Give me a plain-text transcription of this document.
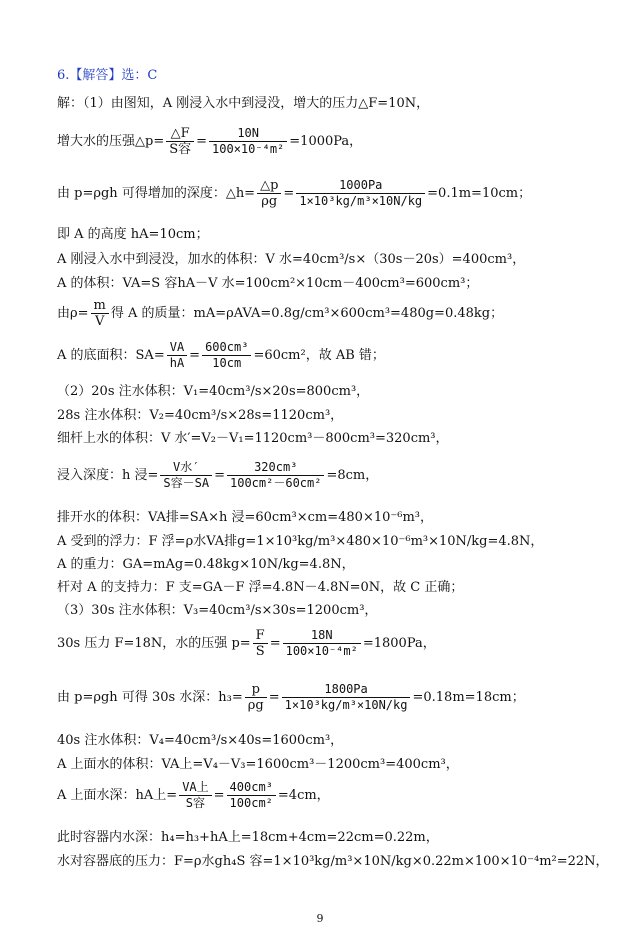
6.【解答】选：C
解：（1）由图知，A 刚浸入水中到浸没，增大的压力△F=10N，
增大水的压强△p= $\frac{\triangle F}{\text{S容}} = \frac{10N}{\text{100×10⁻⁴m²}} =1000Pa$，
由 p=ρgh 可得增加的深度：△h= $\frac{\triangle p}{\rho g} = \frac{1000Pa}{\text{1×10³kg/m³×10N/kg}} =0.1m=10cm$；
即 A 的高度 hA=10cm；
A 刚浸入水中到浸没，加水的体积：V 水=40cm³/s×（30s－20s）=400cm³，
A 的体积：VA=S 容hA－V 水=100cm²×10cm－400cm³=600cm³；
由$\rho= \frac{m}{V}$ 得 A 的质量：mA=ρAVA=0.8g/cm³×600cm³=480g=0.48kg；
A 的底面积：$SA= \frac{VA}{hA} = \frac{\text{600cm³}}{10cm} =60cm^2$，故 AB 错；
（2）20s 注水体积：V₁=40cm³/s×20s=800cm³，
28s 注水体积：V₂=40cm³/s×28s=1120cm³，
细杆上水的体积：V 水′=V₂－V₁=1120cm³－800cm³=320cm³，
浸入深度：h 浸= $\frac{\text{V水′}}{\text{S容－SA}} = \frac{\text{320cm³}}{\text{100cm²－60cm²}} =8cm$，
排开水的体积：VA排=SA×h 浸=60cm³×cm=480×10⁻⁶m³，
A 受到的浮力：F 浮=ρ水VA排g=1×10³kg/m³×480×10⁻⁶m³×10N/kg=4.8N，
A 的重力：GA=mAg=0.48kg×10N/kg=4.8N，
杆对 A 的支持力：F 支=GA－F 浮=4.8N－4.8N=0N，故 C 正确；
（3）30s 注水体积：V₃=40cm³/s×30s=1200cm³，
30s 压力 F=18N，水的压强 $p= \frac{F}{S} = \frac{18N}{\text{100×10⁻⁴m²}} =1800Pa$，
由 p=ρgh 可得 30s 水深：$h_3= \frac{p}{\rho g} = \frac{1800Pa}{\text{1×10³kg/m³×10N/kg}} =0.18m=18cm$；
40s 注水体积：V₄=40cm³/s×40s=1600cm³，
A 上面水的体积：VA上=V₄－V₃=1600cm³－1200cm³=400cm³，
A 上面水深：hA上= $\frac{\text{VA上}}{\text{S容}} = \frac{\text{400cm³}}{\text{100cm²}} =4cm$，
此时容器内水深：h₄=h₃+hA上=18cm+4cm=22cm=0.22m，
水对容器底的压力：F=ρ水gh₄S 容=1×10³kg/m³×10N/kg×0.22m×100×10⁻⁴m²=22N，
9
